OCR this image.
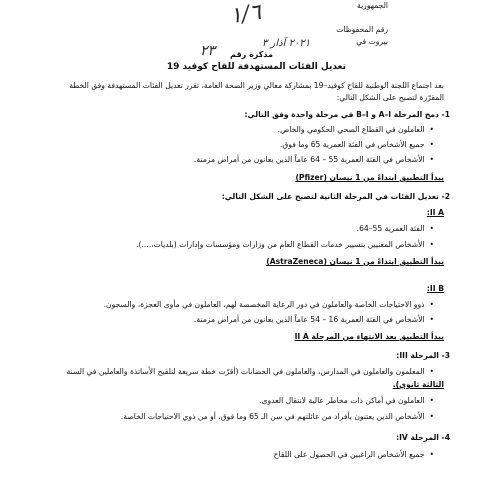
الجمهورية
١/٦
رقم المحفوظات
بيروت في
٢٠٢١ آذار ٣
مذكرة رقم
٢٣
تعديل الفئات المستهدفة للقاح كوفيد 19
بعد اجتماع اللجنة الوطنية للقاح كوفيد–19 بمشاركة معالي وزير الصحة العامة، تقرر تعديل الفئات المستهدفة وفق الخطة
المقرّرة لتصبح على الشكل التالي:
1- دمج المرحلة A–I و B–I في مرحلة واحدة وفق التالي:
• العاملون في القطاع الصحي الحكومي والخاص.
• جميع الأشخاص في الفئة العمرية 65 وما فوق.
• الأشخاص في الفئة العمرية 55 – 64 عاماً الذين يعانون من أمراض مزمنة.
يبدأ التطبيق ابتداءً من 1 نيسان (Pfizer)
2- تعديل الفئات في المرحلة الثانية لتصبح على الشكل التالي:
II A:
• الفئة العمرية 55–64.
• الأشخاص المعنيين بتسيير خدمات القطاع العام من وزارات ومؤسسات وإدارات (بلديات،....).
يبدأ التطبيق ابتداءً من 1 نيسان (AstraZeneca)
II B:
• ذوو الاحتياجات الخاصة والعاملون في دور الرعاية المخصصة لهم، العاملون في مأوى العجزة، والسجون.
• الأشخاص في الفئة العمرية 16 – 54 عاماً الذين يعانون من أمراض مزمنة.
يبدأ التطبيق بعد الانتهاء من المرحلة II A
3- المرحلة III:
• المعلمون والعاملون في المدارس، والعاملون في الحضانات (أقرّت خطة سريعة لتلقيح الأساتذة والعاملين في السنة
الثالثة ثانوي).
• العاملون في أماكن ذات مخاطر عالية لانتقال العدوى.
• الأشخاص الذين يعتنون بأفراد من عائلتهم في سن الـ 65 وما فوق، أو من ذوي الاحتياجات الخاصة.
4- المرحلة IV:
• جميع الأشخاص الراغبين في الحصول على اللقاح
